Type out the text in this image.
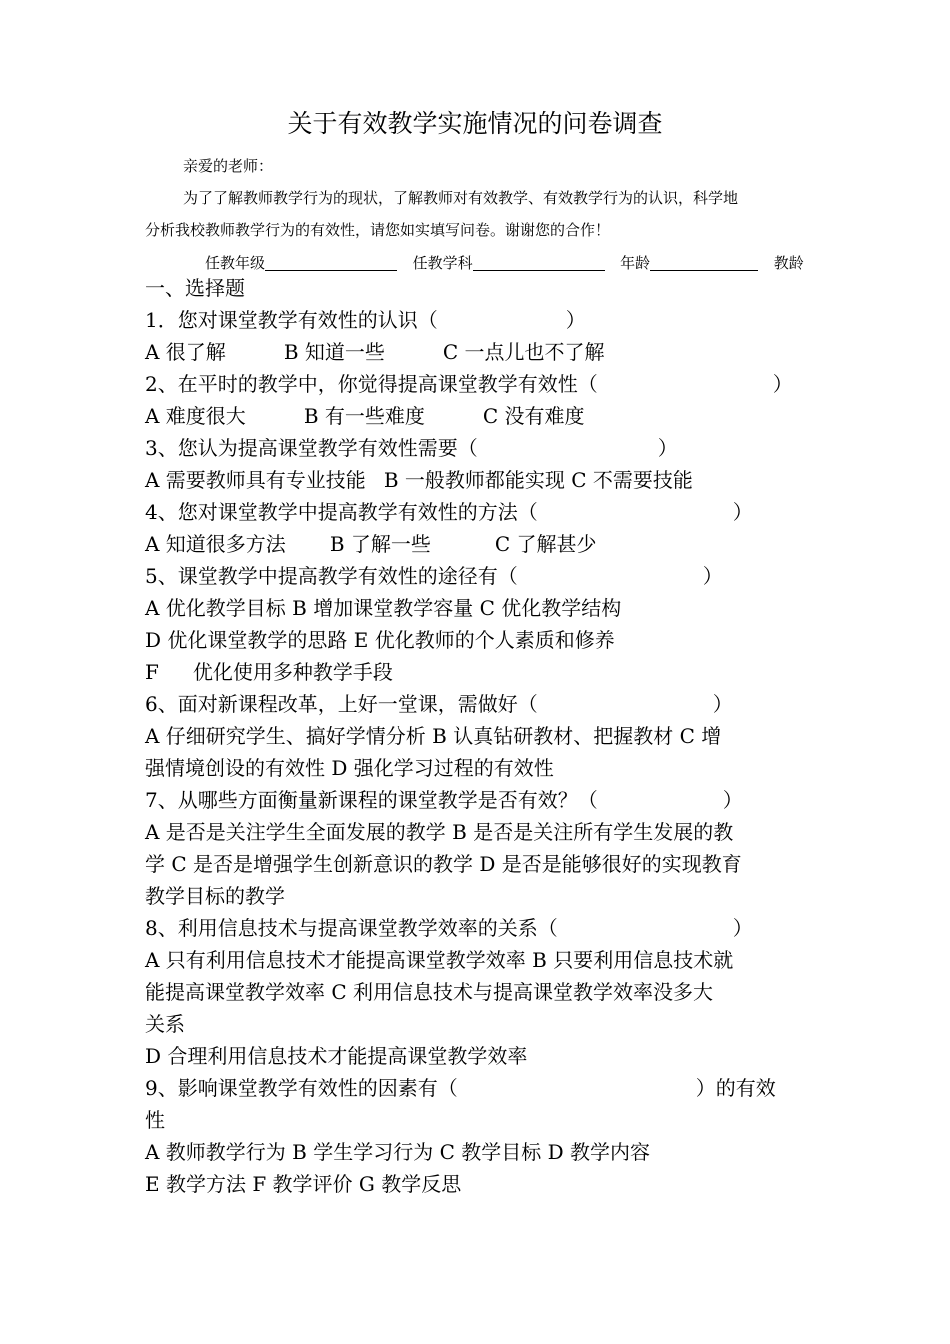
关于有效教学实施情况的问卷调查
亲爱的老师：
为了了解教师教学行为的现状，了解教师对有效教学、有效教学行为的认识，科学地
分析我校教师教学行为的有效性，请您如实填写问卷。谢谢您的合作！
任教年级	任教学科	年龄	教龄
一、选择题
1．您对课堂教学有效性的认识（	）
A 很了解	B 知道一些	C 一点儿也不了解
2、在平时的教学中，你觉得提高课堂教学有效性（	）
A 难度很大	B 有一些难度	C 没有难度
3、您认为提高课堂教学有效性需要（	）
A 需要教师具有专业技能 B 一般教师都能实现 C 不需要技能
4、您对课堂教学中提高教学有效性的方法（	）
A 知道很多方法 B 了解一些	C 了解甚少
5、课堂教学中提高教学有效性的途径有（	）
A 优化教学目标 B 增加课堂教学容量 C 优化教学结构
D 优化课堂教学的思路 E 优化教师的个人素质和修养
F 优化使用多种教学手段
6、面对新课程改革，上好一堂课，需做好（	）
A 仔细研究学生、搞好学情分析 B 认真钻研教材、把握教材 C 增
强情境创设的有效性 D 强化学习过程的有效性
7、从哪些方面衡量新课程的课堂教学是否有效？（	）
A 是否是关注学生全面发展的教学 B 是否是关注所有学生发展的教
学 C 是否是增强学生创新意识的教学 D 是否是能够很好的实现教育
教学目标的教学
8、利用信息技术与提高课堂教学效率的关系（	）
A 只有利用信息技术才能提高课堂教学效率 B 只要利用信息技术就
能提高课堂教学效率 C 利用信息技术与提高课堂教学效率没多大
关系
D 合理利用信息技术才能提高课堂教学效率
9、影响课堂教学有效性的因素有（	）的有效
性
A 教师教学行为 B 学生学习行为 C 教学目标 D 教学内容
E 教学方法 F 教学评价 G 教学反思
